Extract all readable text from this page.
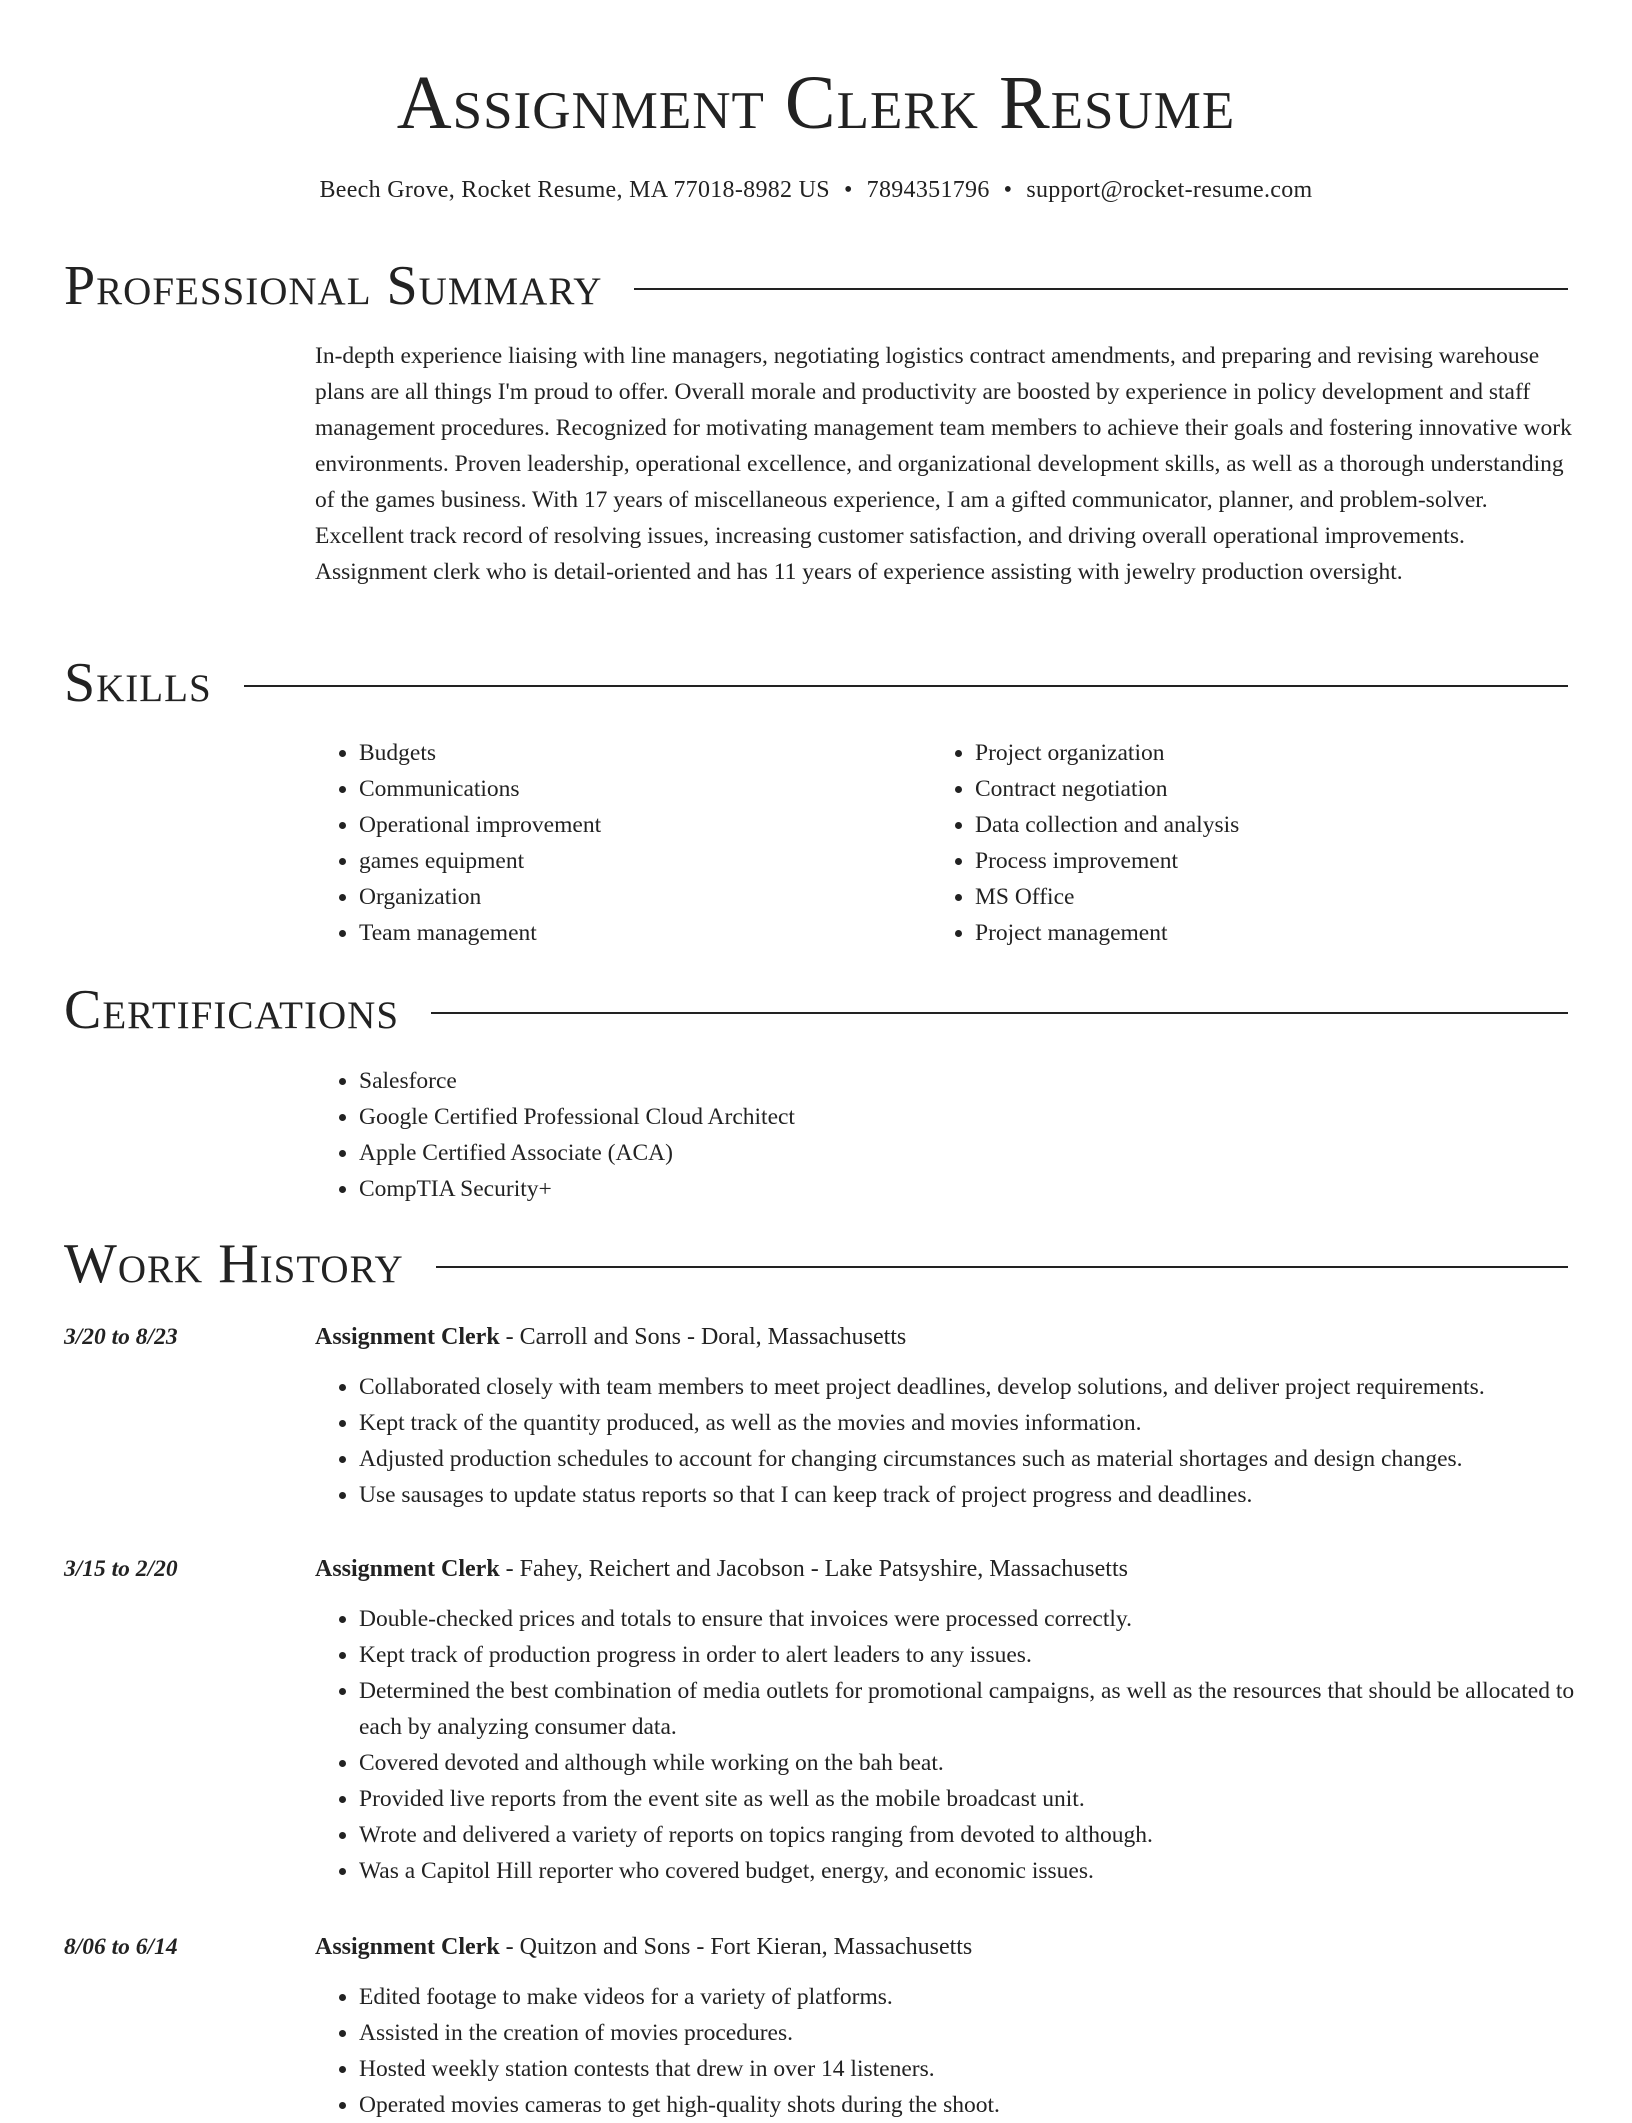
Assignment Clerk Resume
Beech Grove, Rocket Resume, MA 77018-8982 US • 7894351796 • support@rocket-resume.com
Professional Summary

In-depth experience liaising with line managers, negotiating logistics contract amendments, and preparing and revising warehouse plans are all things I'm proud to offer. Overall morale and productivity are boosted by experience in policy development and staff management procedures. Recognized for motivating management team members to achieve their goals and fostering innovative work environments. Proven leadership, operational excellence, and organizational development skills, as well as a thorough understanding of the games business. With 17 years of miscellaneous experience, I am a gifted communicator, planner, and problem-solver. Excellent track record of resolving issues, increasing customer satisfaction, and driving overall operational improvements. Assignment clerk who is detail-oriented and has 11 years of experience assisting with jewelry production oversight.

Skills
• Budgets
• Communications
• Operational improvement
• games equipment
• Organization
• Team management
• Project organization
• Contract negotiation
• Data collection and analysis
• Process improvement
• MS Office
• Project management
Certifications
• Salesforce
• Google Certified Professional Cloud Architect
• Apple Certified Associate (ACA)
• CompTIA Security+
Work History
3/20 to 8/23	Assignment Clerk - Carroll and Sons - Doral, Massachusetts
• Collaborated closely with team members to meet project deadlines, develop solutions, and deliver project requirements.
• Kept track of the quantity produced, as well as the movies and movies information.
• Adjusted production schedules to account for changing circumstances such as material shortages and design changes.
• Use sausages to update status reports so that I can keep track of project progress and deadlines.
3/15 to 2/20	Assignment Clerk - Fahey, Reichert and Jacobson - Lake Patsyshire, Massachusetts
• Double-checked prices and totals to ensure that invoices were processed correctly.
• Kept track of production progress in order to alert leaders to any issues.
• Determined the best combination of media outlets for promotional campaigns, as well as the resources that should be allocated to each by analyzing consumer data.
• Covered devoted and although while working on the bah beat.
• Provided live reports from the event site as well as the mobile broadcast unit.
• Wrote and delivered a variety of reports on topics ranging from devoted to although.
• Was a Capitol Hill reporter who covered budget, energy, and economic issues.
8/06 to 6/14	Assignment Clerk - Quitzon and Sons - Fort Kieran, Massachusetts
• Edited footage to make videos for a variety of platforms.
• Assisted in the creation of movies procedures.
• Hosted weekly station contests that drew in over 14 listeners.
• Operated movies cameras to get high-quality shots during the shoot.
